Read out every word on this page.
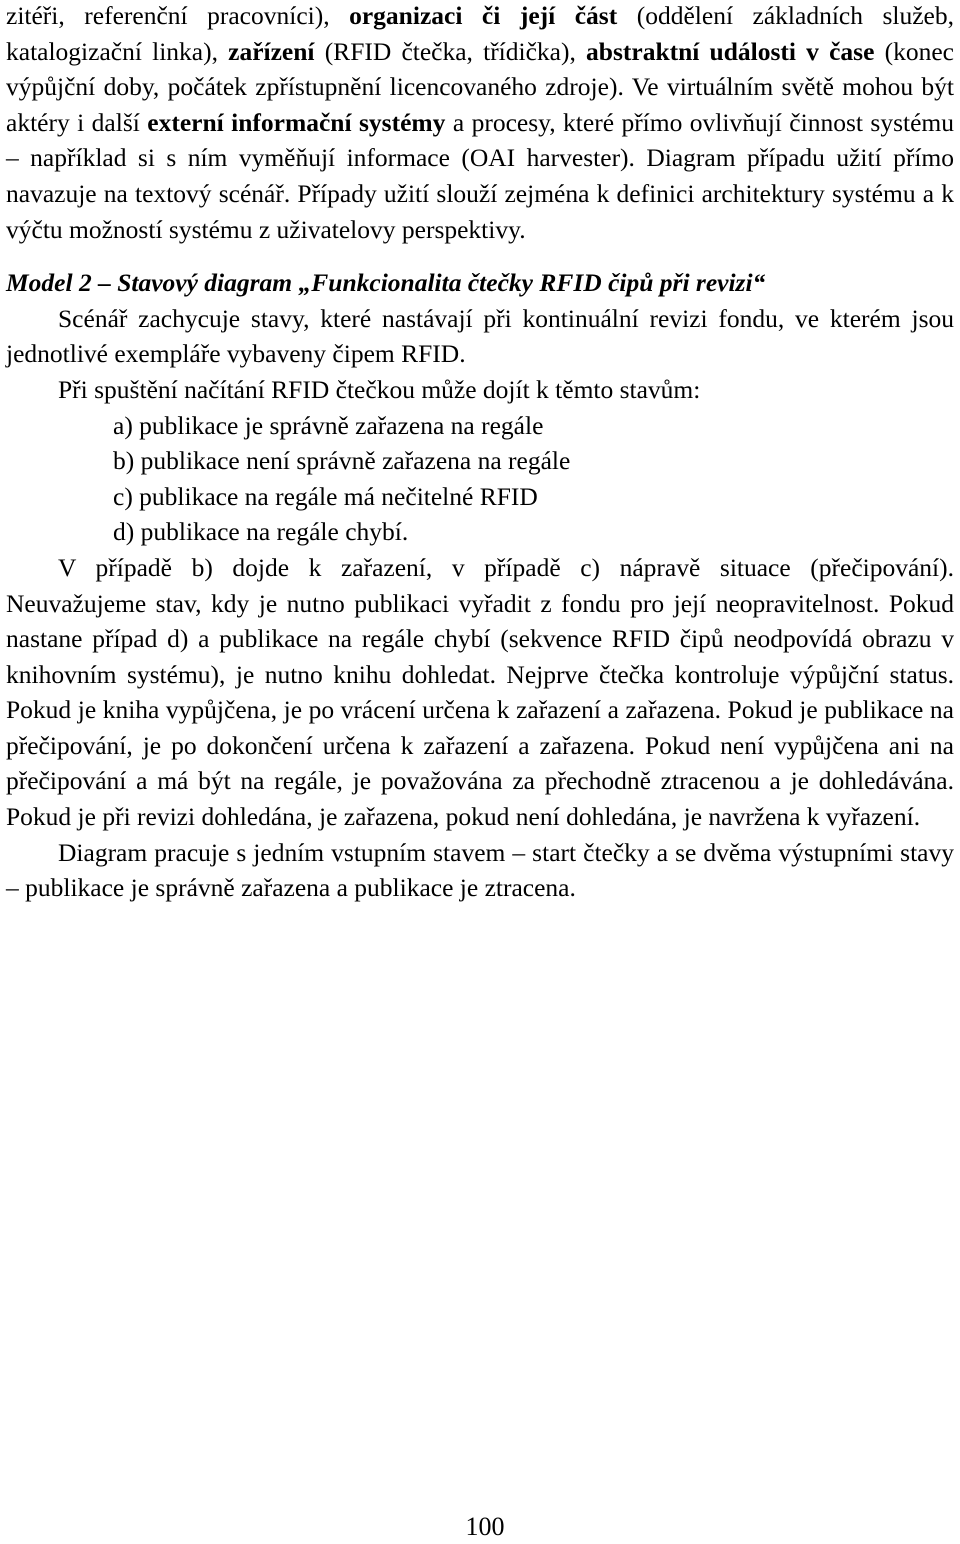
zitéři, referenční pracovníci), organizaci či její část (oddělení základních služeb, katalogizační linka), zařízení (RFID čtečka, třídička), abstraktní události v čase (konec výpůjční doby, počátek zpřístupnění licencovaného zdroje). Ve virtuálním světě mohou být aktéry i další externí informační systémy a procesy, které přímo ovlivňují činnost systému – například si s ním vyměňují informace (OAI harvester). Diagram případu užití přímo navazuje na textový scénář. Případy užití slouží zejména k definici architektury systému a k výčtu možností systému z uživatelovy perspektivy.

Model 2 – Stavový diagram „Funkcionalita čtečky RFID čipů při revizi“

Scénář zachycuje stavy, které nastávají při kontinuální revizi fondu, ve kterém jsou jednotlivé exempláře vybaveny čipem RFID.

Při spuštění načítání RFID čtečkou může dojít k těmto stavům:

a) publikace je správně zařazena na regále
b) publikace není správně zařazena na regále
c) publikace na regále má nečitelné RFID
d) publikace na regále chybí.

V případě b) dojde k zařazení, v případě c) nápravě situace (přečipování). Neuvažujeme stav, kdy je nutno publikaci vyřadit z fondu pro její neopravitelnost. Pokud nastane případ d) a publikace na regále chybí (sekvence RFID čipů neodpovídá obrazu v knihovním systému), je nutno knihu dohledat. Nejprve čtečka kontroluje výpůjční status. Pokud je kniha vypůjčena, je po vrácení určena k zařazení a zařazena. Pokud je publikace na přečipování, je po dokončení určena k zařazení a zařazena. Pokud není vypůjčena ani na přečipování a má být na regále, je považována za přechodně ztracenou a je dohledávána. Pokud je při revizi dohledána, je zařazena, pokud není dohledána, je navržena k vyřazení.

Diagram pracuje s jedním vstupním stavem – start čtečky a se dvěma výstupními stavy – publikace je správně zařazena a publikace je ztracena.

100
